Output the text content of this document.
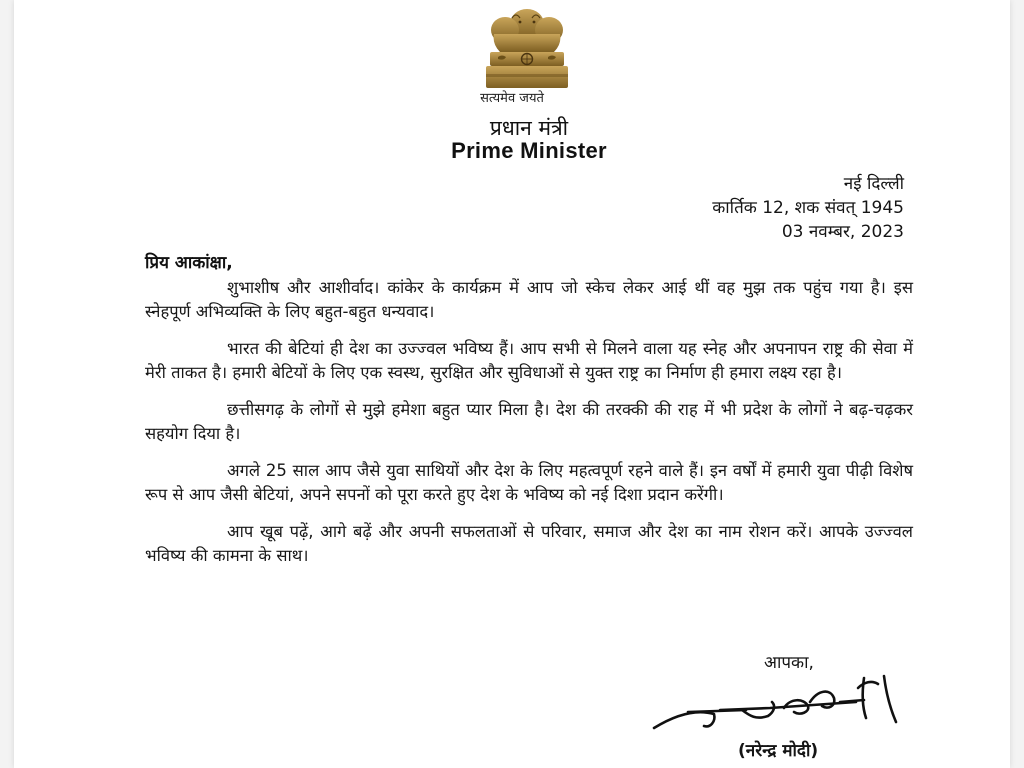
सत्यमेव जयते
प्रधान मंत्री
Prime Minister
नई दिल्ली
कार्तिक 12, शक संवत् 1945
03 नवम्बर, 2023
प्रिय आकांक्षा,

शुभाशीष और आशीर्वाद। कांकेर के कार्यक्रम में आप जो स्केच लेकर आई थीं वह मुझ तक पहुंच गया है। इस स्नेहपूर्ण अभिव्यक्ति के लिए बहुत-बहुत धन्यवाद।

भारत की बेटियां ही देश का उज्ज्वल भविष्य हैं। आप सभी से मिलने वाला यह स्नेह और अपनापन राष्ट्र की सेवा में मेरी ताकत है। हमारी बेटियों के लिए एक स्वस्थ, सुरक्षित और सुविधाओं से युक्त राष्ट्र का निर्माण ही हमारा लक्ष्य रहा है।

छत्तीसगढ़ के लोगों से मुझे हमेशा बहुत प्यार मिला है। देश की तरक्की की राह में भी प्रदेश के लोगों ने बढ़-चढ़कर सहयोग दिया है।

अगले 25 साल आप जैसे युवा साथियों और देश के लिए महत्वपूर्ण रहने वाले हैं। इन वर्षों में हमारी युवा पीढ़ी विशेष रूप से आप जैसी बेटियां, अपने सपनों को पूरा करते हुए देश के भविष्य को नई दिशा प्रदान करेंगी।

आप खूब पढ़ें, आगे बढ़ें और अपनी सफलताओं से परिवार, समाज और देश का नाम रोशन करें। आपके उज्ज्वल भविष्य की कामना के साथ।

आपका,
(नरेन्द्र मोदी)
